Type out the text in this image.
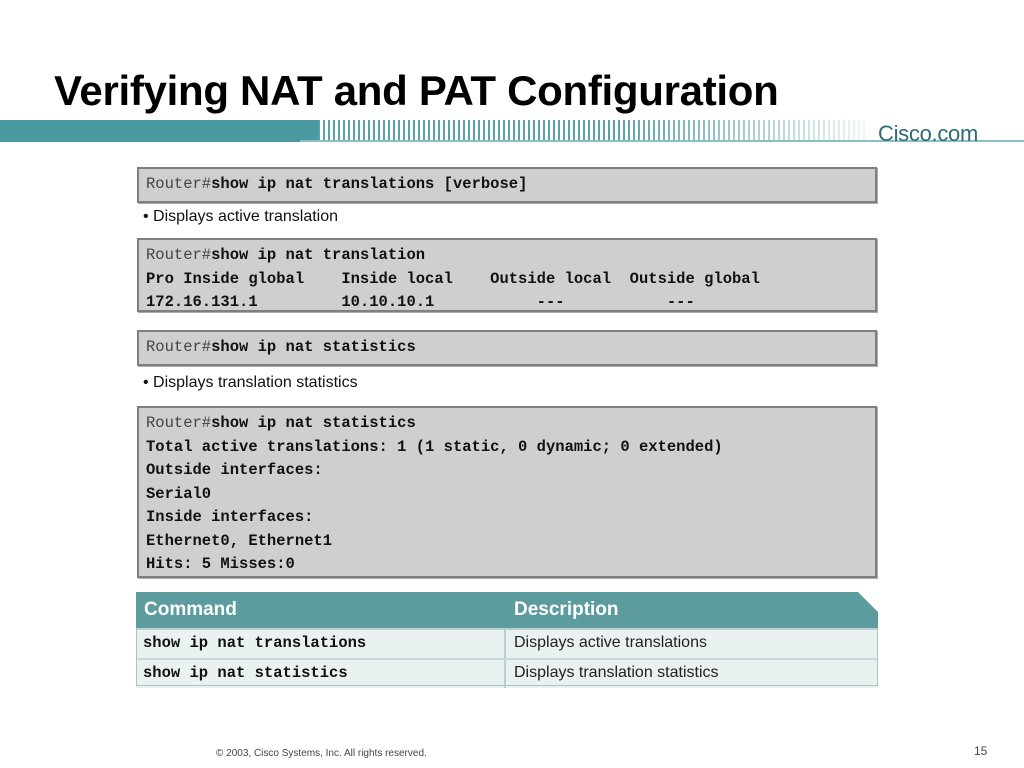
Verifying NAT and PAT Configuration
Cisco.com
Router#show ip nat translations [verbose]
• Displays active translation
Router#show ip nat translation
Pro Inside global    Inside local    Outside local  Outside global
172.16.131.1         10.10.10.1           ---           ---
Router#show ip nat statistics
• Displays translation statistics
Router#show ip nat statistics
Total active translations: 1 (1 static, 0 dynamic; 0 extended)
Outside interfaces:
Serial0
Inside interfaces:
Ethernet0, Ethernet1
Hits: 5 Misses:0
Command	Description
show ip nat translations	Displays active translations
show ip nat statistics	Displays translation statistics
© 2003, Cisco Systems, Inc. All rights reserved.	15
